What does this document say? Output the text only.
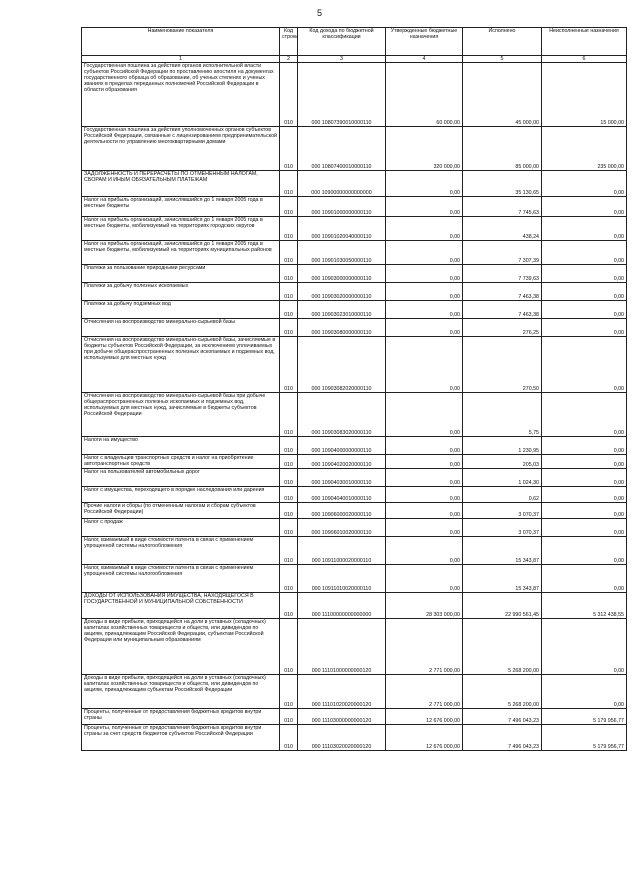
5
Наименование показателя	Код строки	Код дохода по бюджетной классификации	Утвержденные бюджетные назначения	Исполнено	Неисполненные назначения
1	2	3	4	5	6
Государственная пошлина за действия органов исполнительной власти субъектов Российской Федерации по проставлению апостиля на документах государственного образца об образовании, об ученых степенях и ученых званиях в пределах переданных полномочий Российской Федерации в области образования	010	000 10807390010000110	60 000,00	45 000,00	15 000,00
Государственная пошлина за действия уполномоченных органов субъектов Российской Федерации, связанные с лицензированием предпринимательской деятельности по управлению многоквартирными домами	010	000 10807400010000110	320 000,00	85 000,00	235 000,00
ЗАДОЛЖЕННОСТЬ И ПЕРЕРАСЧЕТЫ ПО ОТМЕНЕННЫМ НАЛОГАМ, СБОРАМ И ИНЫМ ОБЯЗАТЕЛЬНЫМ ПЛАТЕЖАМ	010	000 10900000000000000	0,00	35 130,65	0,00
Налог на прибыль организаций, зачислявшийся до 1 января 2005 года в местные бюджеты	010	000 10901000000000110	0,00	7 745,63	0,00
Налог на прибыль организаций, зачислявшийся до 1 января 2005 года в местные бюджеты, мобилизуемый на территориях городских округов	010	000 10901020040000110	0,00	438,24	0,00
Налог на прибыль организаций, зачислявшийся до 1 января 2005 года в местные бюджеты, мобилизуемый на территориях муниципальных районов	010	000 10901030050000110	0,00	7 307,39	0,00
Платежи за пользование природными ресурсами	010	000 10903000000000110	0,00	7 739,63	0,00
Платежи за добычу полезных ископаемых	010	000 10903020000000110	0,00	7 463,38	0,00
Платежи за добычу подземных вод	010	000 10903023010000110	0,00	7 463,38	0,00
Отчисления на воспроизводство минерально-сырьевой базы	010	000 10903080000000110	0,00	276,25	0,00
Отчисления на воспроизводство минерально-сырьевой базы, зачисляемые в бюджеты субъектов Российской Федерации, за исключением уплачиваемых при добыче общераспространенных полезных ископаемых и подземных вод, используемых для местных нужд	010	000 10903082020000110	0,00	270,50	0,00
Отчисления на воспроизводство минерально-сырьевой базы при добыче общераспространенных полезных ископаемых и подземных вод, используемых для местных нужд, зачисляемые в бюджеты субъектов Российской Федерации	010	000 10903083020000110	0,00	5,75	0,00
Налоги на имущество	010	000 10904000000000110	0,00	1 230,95	0,00
Налог с владельцев транспортных средств и налог на приобретение автотранспортных средств	010	000 10904020020000110	0,00	205,03	0,00
Налог на пользователей автомобильных дорог	010	000 10904030010000110	0,00	1 024,30	0,00
Налог с имущества, переходящего в порядке наследования или дарения	010	000 10904040010000110	0,00	0,62	0,00
Прочие налоги и сборы (по отмененным налогам и сборам субъектов Российской Федерации)	010	000 10906000020000110	0,00	3 070,37	0,00
Налог с продаж	010	000 10906010020000110	0,00	3 070,37	0,00
Налог, взимаемый в виде стоимости патента в связи с применением упрощенной системы налогообложения	010	000 10911000020000110	0,00	15 343,87	0,00
Налог, взимаемый в виде стоимости патента в связи с применением упрощенной системы налогообложения	010	000 10911010020000110	0,00	15 343,87	0,00
ДОХОДЫ ОТ ИСПОЛЬЗОВАНИЯ ИМУЩЕСТВА, НАХОДЯЩЕГОСЯ В ГОСУДАРСТВЕННОЙ И МУНИЦИПАЛЬНОЙ СОБСТВЕННОСТИ	010	000 11100000000000000	28 303 000,00	22 990 561,45	5 312 438,55
Доходы в виде прибыли, приходящейся на доли в уставных (складочных) капиталах хозяйственных товариществ и обществ, или дивидендов по акциям, принадлежащим Российской Федерации, субъектам Российской Федерации или муниципальным образованиям	010	000 11101000000000120	2 771 000,00	5 268 200,00	0,00
Доходы в виде прибыли, приходящейся на доли в уставных (складочных) капиталах хозяйственных товариществ и обществ, или дивидендов по акциям, принадлежащим субъектам Российской Федерации	010	000 11101020020000120	2 771 000,00	5 268 200,00	0,00
Проценты, полученные от предоставления бюджетных кредитов внутри страны	010	000 11103000000000120	12 676 000,00	7 496 043,23	5 179 956,77
Проценты, полученные от предоставления бюджетных кредитов внутри страны за счет средств бюджетов субъектов Российской Федерации	010	000 11103020020000120	12 676 000,00	7 496 043,23	5 179 956,77
